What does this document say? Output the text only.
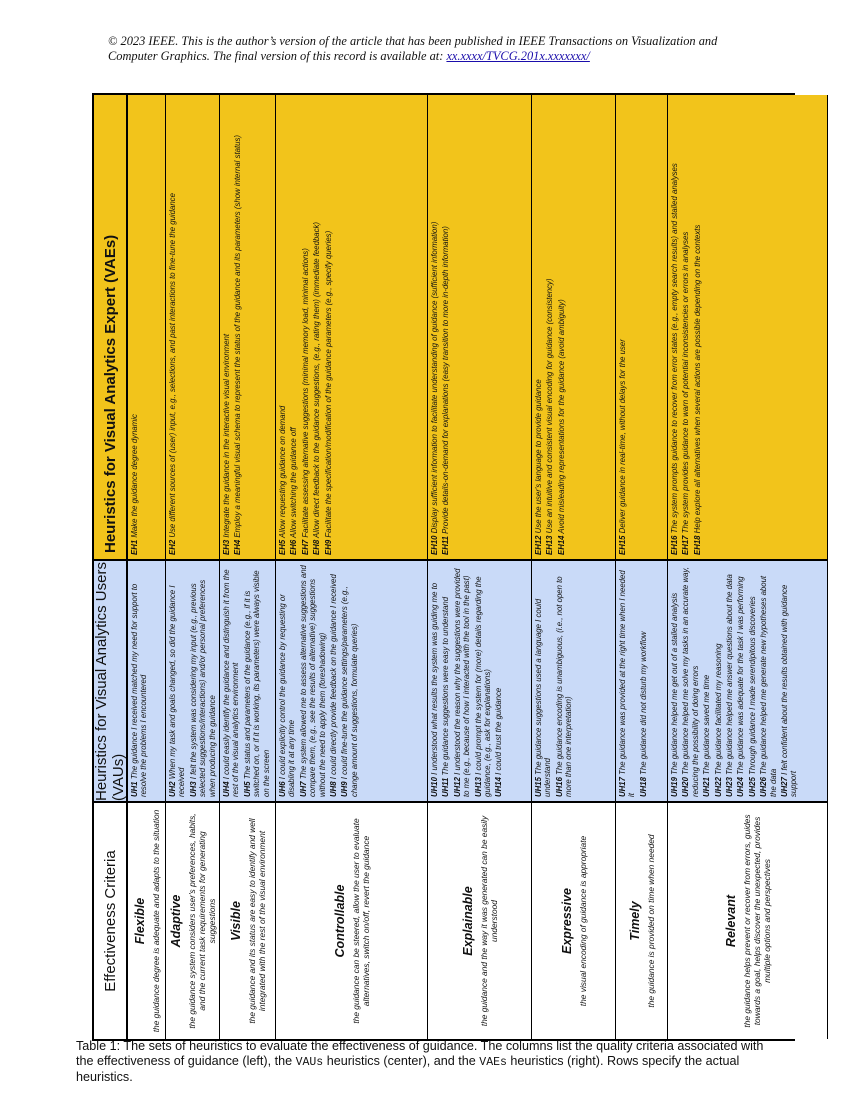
© 2023 IEEE. This is the author’s version of the article that has been published in IEEE Transactions on Visualization and Computer Graphics. The final version of this record is available at: xx.xxxx/TVCG.201x.xxxxxxx/
Effectiveness Criteria
Heuristics for Visual Analytics Users (VAUs)
Heuristics for Visual Analytics Expert (VAEs)
Flexible the guidance degree is adequate and adapts to the situation
UH1 The guidance I received matched my need for support to resolve the problems I encountered
EH1 Make the guidance degree dynamic
Adaptive the guidance system considers user's preferences, habits, and the current task requirements for generating suggestions
UH2 When my task and goals changed, so did the guidance I received UH3 I felt the system was considering my input (e.g., previous selected suggestions/interactions) and/or personal preferences when producing the guidance
EH2 Use different sources of (user) input, e.g., selections, and past interactions to fine-tune the guidance
Visible the guidance and its status are easy to identify and well integrated with the rest of the visual environment
UH4 I could easily identify the guidance and distinguish it from the rest of the visual analytics environment UH5 The status and parameters of the guidance (e.g., if it is switched on, or if it is working, its parameters) were always visible on the screen
EH3 Integrate the guidance in the interactive visual environment
EH4 Employ a meaningful visual schema to represent the status of the guidance and its parameters (show internal status)
Controllable the guidance can be steered, allow the user to evaluate alternatives, switch on/off, revert the guidance
UH6 I could explicitly control the guidance by requesting or disabling it at any time UH7 The system allowed me to assess alternative suggestions and compare them, (e.g., see the results of alternative) suggestions without the need to apply them (foreshadowing) UH8 I could directly provide feedback on the guidance I received
UH9 I could fine-tune the guidance settings/parameters (e.g., change amount of suggestions, formulate queries)
EH5 Allow requesting guidance on demand
EH6 Allow switching the guidance off
EH7 Facilitate assessing alternative suggestions (minimal memory load, minimal actions)
EH8 Allow direct feedback to the guidance suggestions, (e.g., rating them) (immediate feedback)
EH9 Facilitate the specification/modification of the guidance parameters (e.g., specify queries)
Explainable the guidance and the way it was generated can be easily understood
UH10 I understood what results the system was guiding me to
UH11 The guidance suggestions were easy to understand
UH12 I understood the reason why the suggestions were provided to me (e.g., because of how I interacted with the tool in the past) UH13 I could prompt the system for (more) details regarding the guidance, (e.g., ask for explanations) UH14 I could trust the guidance
EH10 Display sufficient information to facilitate understanding of guidance (sufficient information)
EH11 Provide details-on-demand for explanations (easy transition to more in-depth information)
Expressive the visual encoding of guidance is appropriate
UH15 The guidance suggestions used a language I could understand UH16 The guidance encoding is unambiguous, (i.e., not open to more than one interpretation)
EH12 Use the user's language to provide guidance
EH13 Use an intuitive and consistent visual encoding for guidance (consistency)
EH14 Avoid misleading representations for the guidance (avoid ambiguity)
Timely the guidance is provided on time when needed
UH17 The guidance was provided at the right time when I needed it UH18 The guidance did not disturb my workflow
EH15 Deliver guidance in real-time, without delays for the user
Relevant the guidance helps prevent or recover from errors, guides towards a goal, helps discover the unexpected, provides multiple options and perspectives
UH19 The guidance helped me get out of a stalled analysis
UH20 The guidance helped me solve my tasks in an accurate way, reducing the possibility of doing errors UH21 The guidance saved me time
UH22 The guidance facilitated my reasoning
UH23 The guidance helped me answer questions about the data
UH24 The guidance was adequate for the task I was performing
UH25 Through guidance I made serendipitous discoveries
UH26 The guidance helped me generate new hypotheses about the data UH27 I felt confident about the results obtained with guidance support
EH16 The system prompts guidance to recover from error states (e.g., empty search results) and stalled analyses
EH17 The system provides guidance to warn of potential inconsistencies or errors in analyses
EH18 Help explore all alternatives when several actions are possible depending on the contexts
Table 1: The sets of heuristics to evaluate the effectiveness of guidance. The columns list the quality criteria associated with the effectiveness of guidance (left), the VAUs heuristics (center), and the VAEs heuristics (right). Rows specify the actual heuristics.
